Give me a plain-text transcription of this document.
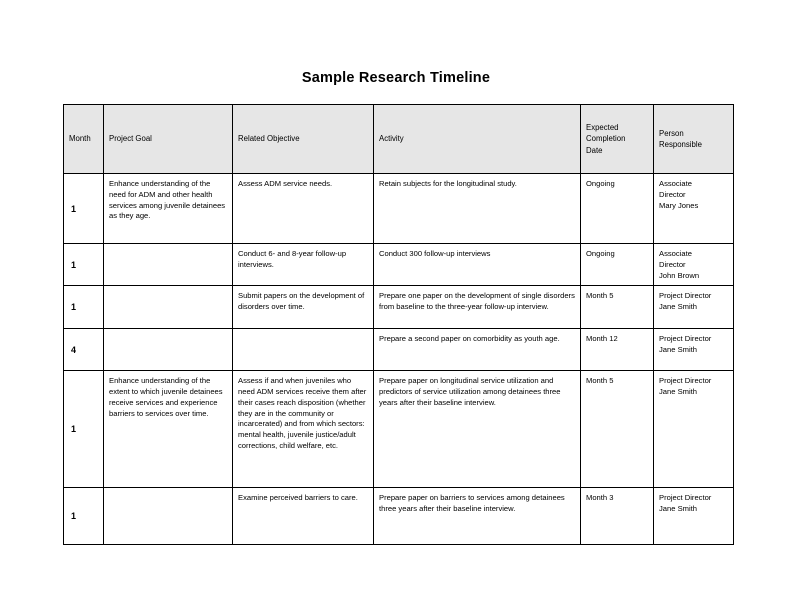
Sample Research Timeline
Month	Project Goal	Related Objective	Activity	Expected
Completion
Date	Person
Responsible

1	Enhance understanding of the need for ADM and other health services among juvenile detainees as they age.	Assess ADM service needs.	Retain subjects for the longitudinal study.	Ongoing	Associate
Director
Mary Jones

1		Conduct 6- and 8-year follow-up interviews.	Conduct 300 follow-up interviews	Ongoing	Associate
Director
John Brown

1		Submit papers on the development of disorders over time.	Prepare one paper on the development of single disorders from baseline to the three-year follow-up interview.	Month 5	Project Director
Jane Smith

4			Prepare a second paper on comorbidity as youth age.	Month 12	Project Director
Jane Smith

1	Enhance understanding of the extent to which juvenile detainees receive services and experience barriers to services over time.	Assess if and when juveniles who need ADM services receive them after their cases reach disposition (whether they are in the community or incarcerated) and from which sectors: mental health, juvenile justice/adult corrections, child welfare, etc.	Prepare paper on longitudinal service utilization and predictors of service utilization among detainees three years after their baseline interview.	Month 5	Project Director
Jane Smith

1		Examine perceived barriers to care.	Prepare paper on barriers to services among detainees three years after their baseline interview.	Month 3	Project Director
Jane Smith
